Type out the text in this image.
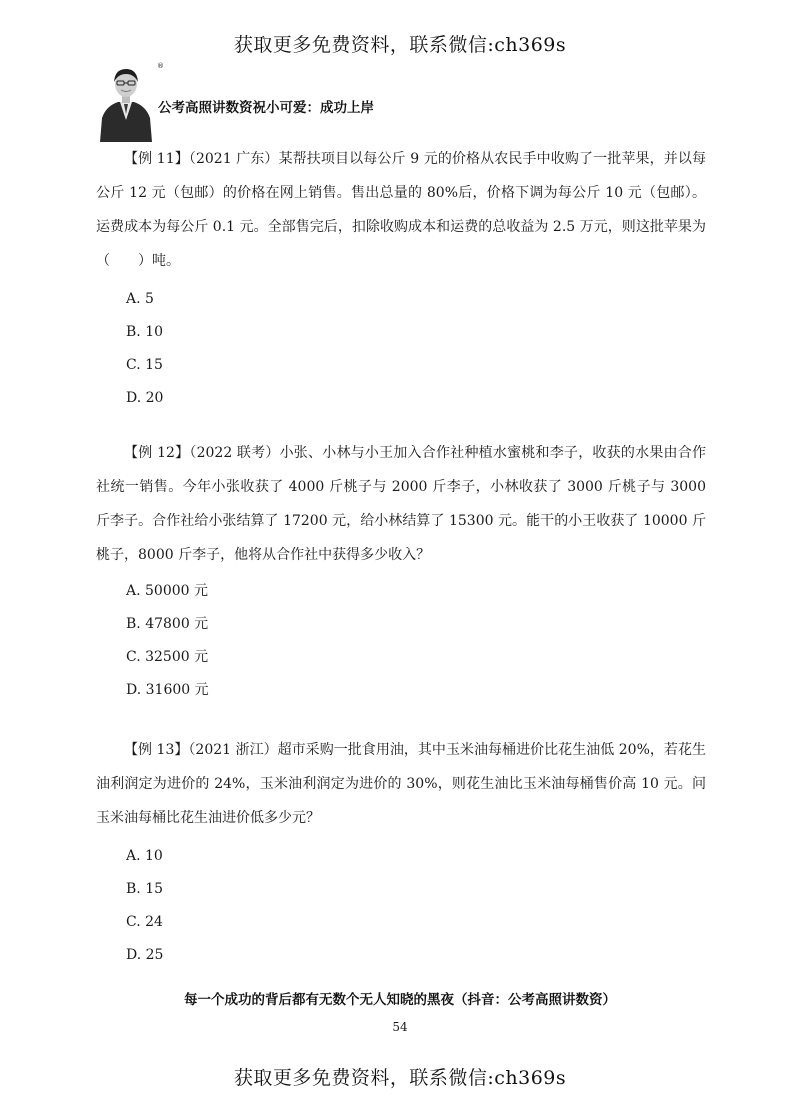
获取更多免费资料，联系微信:ch369s
®
公考高照讲数资祝小可爱：成功上岸

【例 11】（2021 广东）某帮扶项目以每公斤 9 元的价格从农民手中收购了一批苹果，并以每公斤 12 元（包邮）的价格在网上销售。售出总量的 80%后，价格下调为每公斤 10 元（包邮）。运费成本为每公斤 0.1 元。全部售完后，扣除收购成本和运费的总收益为 2.5 万元，则这批苹果为（　　）吨。

A. 5
B. 10
C. 15
D. 20

【例 12】（2022 联考）小张、小林与小王加入合作社种植水蜜桃和李子，收获的水果由合作社统一销售。今年小张收获了 4000 斤桃子与 2000 斤李子，小林收获了 3000 斤桃子与 3000 斤李子。合作社给小张结算了 17200 元，给小林结算了 15300 元。能干的小王收获了 10000 斤桃子，8000 斤李子，他将从合作社中获得多少收入？

A. 50000 元
B. 47800 元
C. 32500 元
D. 31600 元

【例 13】（2021 浙江）超市采购一批食用油，其中玉米油每桶进价比花生油低 20%，若花生油利润定为进价的 24%，玉米油利润定为进价的 30%，则花生油比玉米油每桶售价高 10 元。问玉米油每桶比花生油进价低多少元？

A. 10
B. 15
C. 24
D. 25
每一个成功的背后都有无数个无人知晓的黑夜（抖音：公考高照讲数资）
54
获取更多免费资料，联系微信:ch369s
